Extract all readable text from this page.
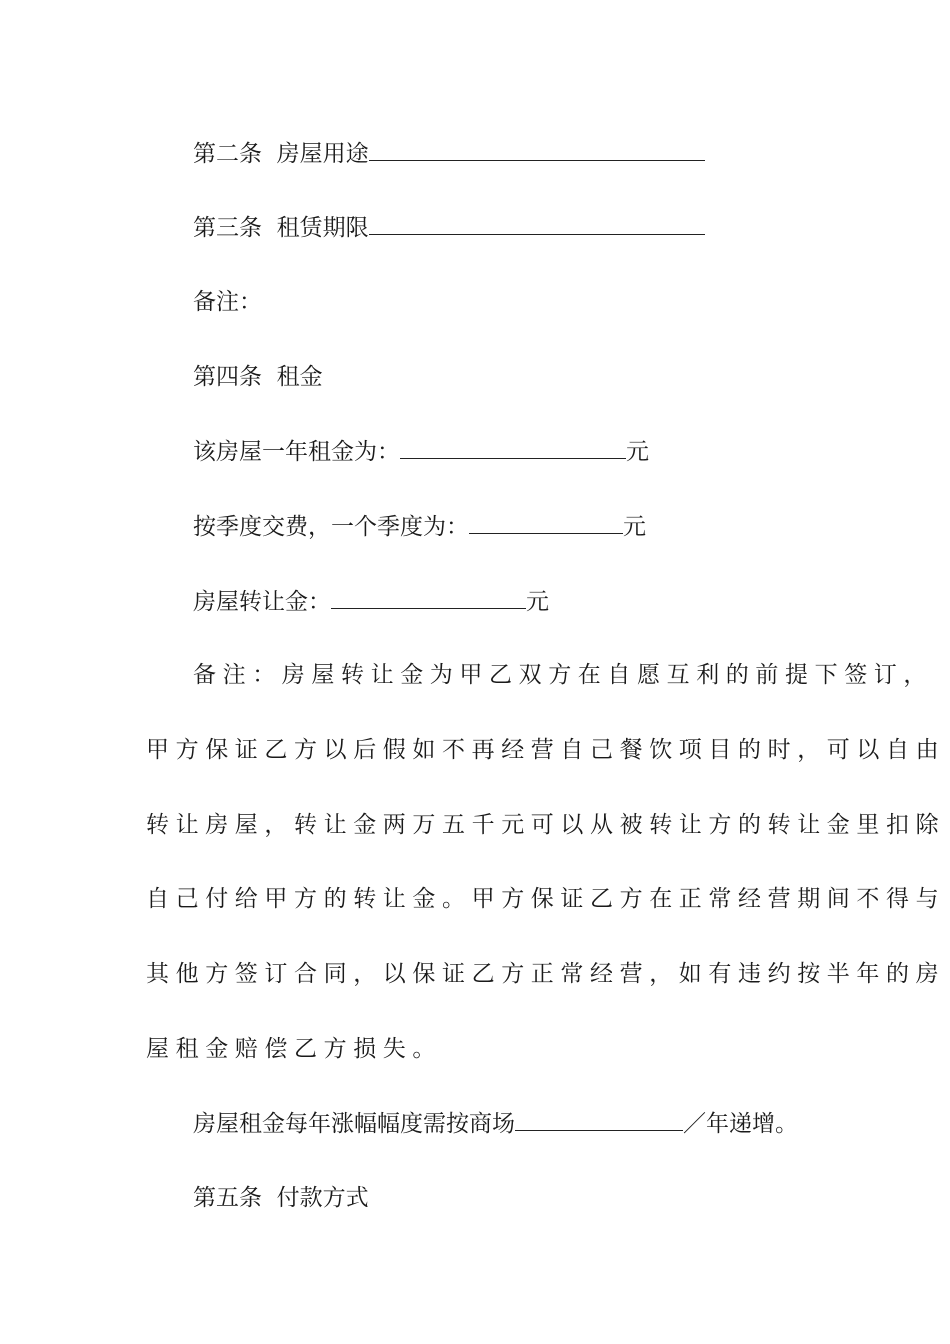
第二条 房屋用途
第三条 租赁期限
备注：
第四条 租金
该房屋一年租金为：	元
按季度交费，一个季度为：	元
房屋转让金：	元
备注：房屋转让金为甲乙双方在自愿互利的前提下签订，
甲方保证乙方以后假如不再经营自己餐饮项目的时，可以自由
转让房屋，转让金两万五千元可以从被转让方的转让金里扣除
自己付给甲方的转让金。甲方保证乙方在正常经营期间不得与
其他方签订合同，以保证乙方正常经营，如有违约按半年的房
屋租金赔偿乙方损失。
房屋租金每年涨幅幅度需按商场	／年递增。
第五条 付款方式
